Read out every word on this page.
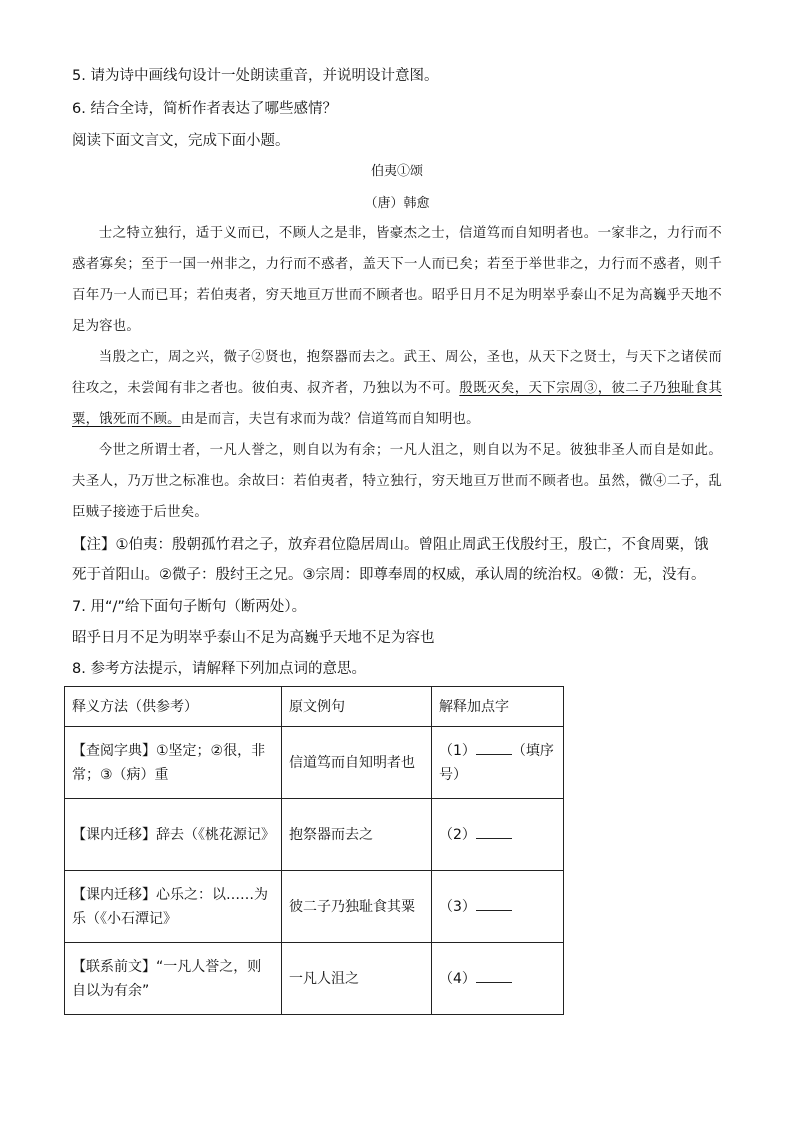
5. 请为诗中画线句设计一处朗读重音，并说明设计意图。
6. 结合全诗，简析作者表达了哪些感情？
阅读下面文言文，完成下面小题。
伯夷①颂
（唐）韩愈

士之特立独行，适于义而已，不顾人之是非，皆豪杰之士，信道笃而自知明者也。一家非之，力行而不惑者寡矣；至于一国一州非之，力行而不惑者，盖天下一人而已矣；若至于举世非之，力行而不惑者，则千百年乃一人而已耳；若伯夷者，穷天地亘万世而不顾者也。昭乎日月不足为明崒乎泰山不足为高巍乎天地不足为容也。

当殷之亡，周之兴，微子②贤也，抱祭器而去之。武王、周公，圣也，从天下之贤士，与天下之诸侯而往攻之，未尝闻有非之者也。彼伯夷、叔齐者，乃独以为不可。殷既灭矣，天下宗周③，彼二子乃独耻食其粟，饿死而不顾。由是而言，夫岂有求而为哉？信道笃而自知明也。

今世之所谓士者，一凡人誉之，则自以为有余；一凡人沮之，则自以为不足。彼独非圣人而自是如此。夫圣人，乃万世之标准也。余故曰：若伯夷者，特立独行，穷天地亘万世而不顾者也。虽然，微④二子，乱臣贼子接迹于后世矣。

【注】①伯夷：殷朝孤竹君之子，放弃君位隐居周山。曾阻止周武王伐殷纣王，殷亡，不食周粟，饿死于首阳山。②微子：殷纣王之兄。③宗周：即尊奉周的权威，承认周的统治权。④微：无，没有。
7. 用“/”给下面句子断句（断两处）。
昭乎日月不足为明崒乎泰山不足为高巍乎天地不足为容也
8. 参考方法提示，请解释下列加点词的意思。
释义方法（供参考）	原文例句	解释加点字
【查阅字典】①坚定；②很，非常；③（病）重	信道笃而自知明者也	（1） （填序号）
【课内迁移】辞去（《桃花源记》	抱祭器而去之	（2）
【课内迁移】心乐之：以……为乐（《小石潭记》	彼二子乃独耻食其粟	（3）
【联系前文】“一凡人誉之，则自以为有余”	一凡人沮之	（4）
